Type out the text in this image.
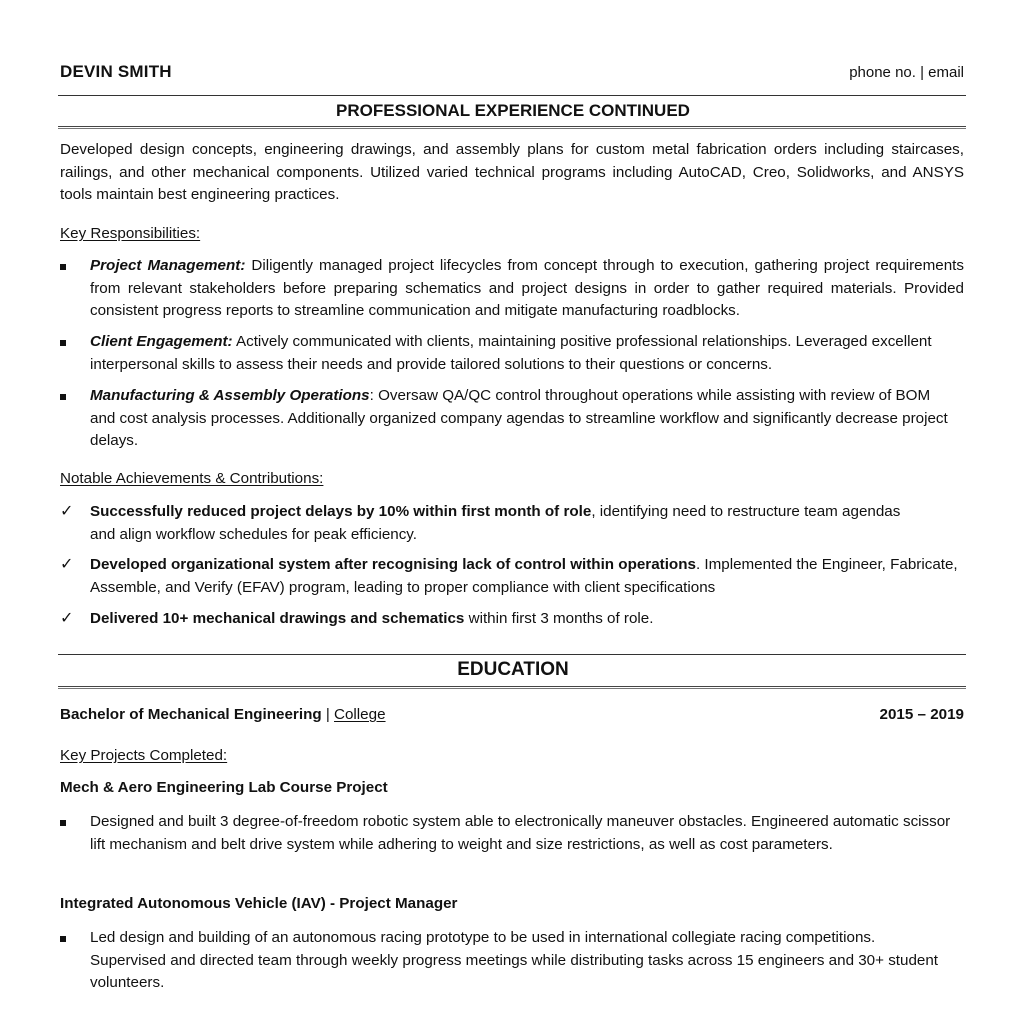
DEVIN SMITH	phone no. | email
PROFESSIONAL EXPERIENCE CONTINUED
Developed design concepts, engineering drawings, and assembly plans for custom metal fabrication orders including staircases, railings, and other mechanical components. Utilized varied technical programs including AutoCAD, Creo, Solidworks, and ANSYS tools maintain best engineering practices.
Key Responsibilities:
Project Management: Diligently managed project lifecycles from concept through to execution, gathering project requirements from relevant stakeholders before preparing schematics and project designs in order to gather required materials. Provided consistent progress reports to streamline communication and mitigate manufacturing roadblocks.
Client Engagement: Actively communicated with clients, maintaining positive professional relationships. Leveraged excellent interpersonal skills to assess their needs and provide tailored solutions to their questions or concerns.
Manufacturing & Assembly Operations: Oversaw QA/QC control throughout operations while assisting with review of BOM and cost analysis processes. Additionally organized company agendas to streamline workflow and significantly decrease project delays.
Notable Achievements & Contributions:
✓	Successfully reduced project delays by 10% within first month of role, identifying need to restructure team agendas and align workflow schedules for peak efficiency.
✓	Developed organizational system after recognising lack of control within operations. Implemented the Engineer, Fabricate, Assemble, and Verify (EFAV) program, leading to proper compliance with client specifications
✓	Delivered 10+ mechanical drawings and schematics within first 3 months of role.
EDUCATION
Bachelor of Mechanical Engineering | College	2015 – 2019
Key Projects Completed:
Mech & Aero Engineering Lab Course Project
Designed and built 3 degree-of-freedom robotic system able to electronically maneuver obstacles. Engineered automatic scissor lift mechanism and belt drive system while adhering to weight and size restrictions, as well as cost parameters.
Integrated Autonomous Vehicle (IAV) - Project Manager
Led design and building of an autonomous racing prototype to be used in international collegiate racing competitions. Supervised and directed team through weekly progress meetings while distributing tasks across 15 engineers and 30+ student volunteers.
